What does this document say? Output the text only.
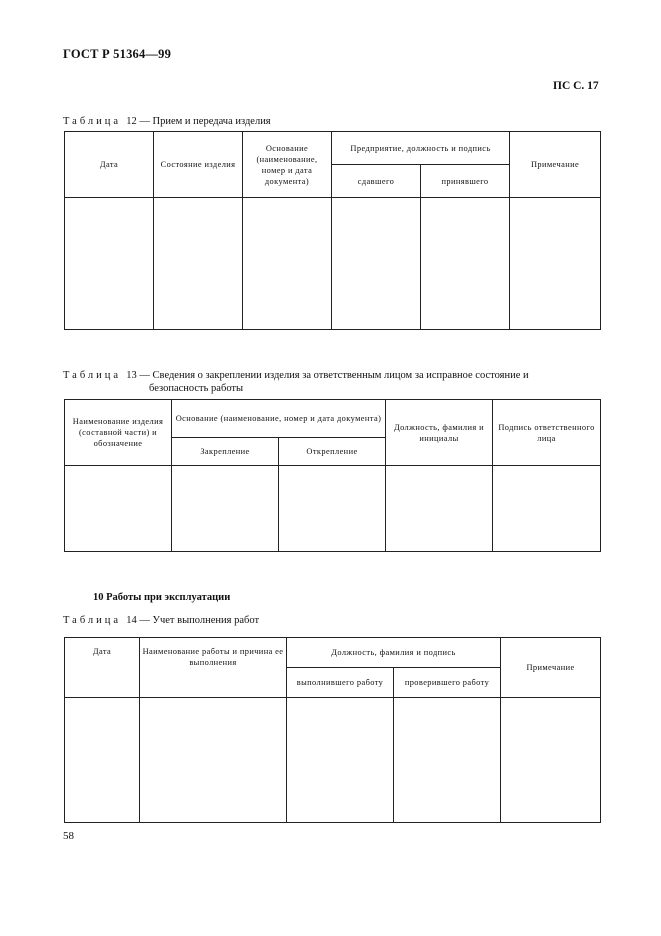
ГОСТ Р 51364—99
ПС С. 17
Таблица 12 — Прием и передача изделия
Дата	Состояние изделия	Основание (наименование, номер и дата документа)	Предприятие, должность и подпись		Примечание
			сдавшего	принявшего	

Таблица 13 — Сведения о закреплении изделия за ответственным лицом за исправное состояние и
безопасность работы
Наименование изделия (составной части) и обозначение	Основание (наименование, номер и дата документа)		Должность, фамилия и инициалы	Подпись ответственного лица
	Закрепление	Открепление		

10 Работы при эксплуатации
Таблица 14 — Учет выполнения работ
Дата	Наименование работы и причина ее выполнения	Должность, фамилия и подпись		Примечание
		выполнившего работу	проверившего работу	

58
